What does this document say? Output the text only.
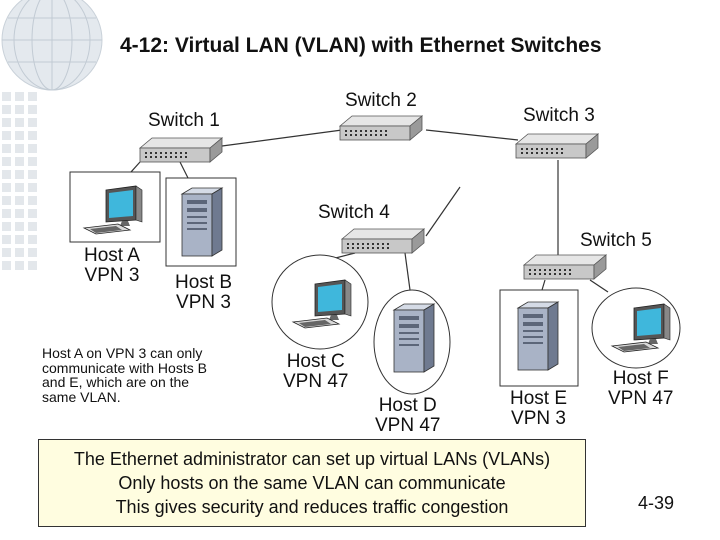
4-12: Virtual LAN (VLAN) with Ethernet Switches
Switch 1
Switch 2
Switch 3
Switch 4
Switch 5
Host A
VPN 3 Host B
VPN 3
Host C
VPN 47
Host D
VPN 47
Host E
VPN 3
Host F
VPN 47
Host A on VPN 3 can only
communicate with Hosts B
and E, which are on the
same VLAN.
The Ethernet administrator can set up virtual LANs (VLANs)
Only hosts on the same VLAN can communicate
This gives security and reduces traffic congestion	4-39
